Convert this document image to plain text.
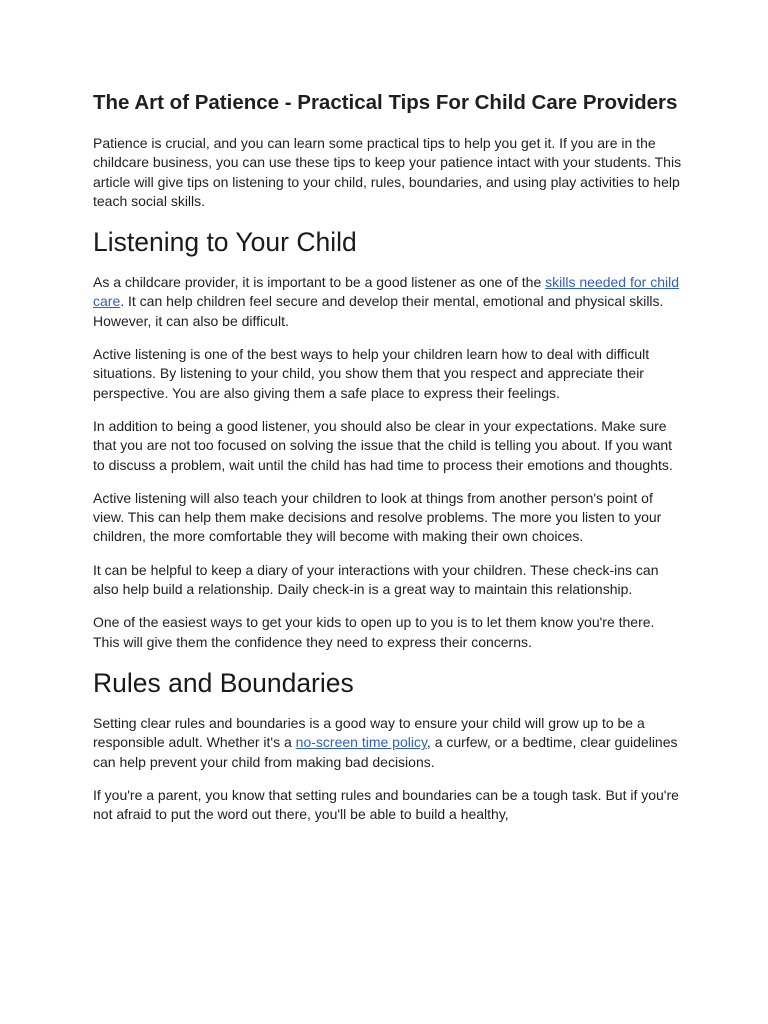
The Art of Patience - Practical Tips For Child Care Providers

Patience is crucial, and you can learn some practical tips to help you get it. If you are in the childcare business, you can use these tips to keep your patience intact with your students. This article will give tips on listening to your child, rules, boundaries, and using play activities to help teach social skills.

Listening to Your Child

As a childcare provider, it is important to be a good listener as one of the skills needed for child care. It can help children feel secure and develop their mental, emotional and physical skills. However, it can also be difficult.

Active listening is one of the best ways to help your children learn how to deal with difficult situations. By listening to your child, you show them that you respect and appreciate their perspective. You are also giving them a safe place to express their feelings.

In addition to being a good listener, you should also be clear in your expectations. Make sure that you are not too focused on solving the issue that the child is telling you about. If you want to discuss a problem, wait until the child has had time to process their emotions and thoughts.

Active listening will also teach your children to look at things from another person's point of view. This can help them make decisions and resolve problems. The more you listen to your children, the more comfortable they will become with making their own choices.

It can be helpful to keep a diary of your interactions with your children. These check-ins can also help build a relationship. Daily check-in is a great way to maintain this relationship.

One of the easiest ways to get your kids to open up to you is to let them know you're there. This will give them the confidence they need to express their concerns.

Rules and Boundaries

Setting clear rules and boundaries is a good way to ensure your child will grow up to be a responsible adult. Whether it's a no-screen time policy, a curfew, or a bedtime, clear guidelines can help prevent your child from making bad decisions.

If you're a parent, you know that setting rules and boundaries can be a tough task. But if you're not afraid to put the word out there, you'll be able to build a healthy,
